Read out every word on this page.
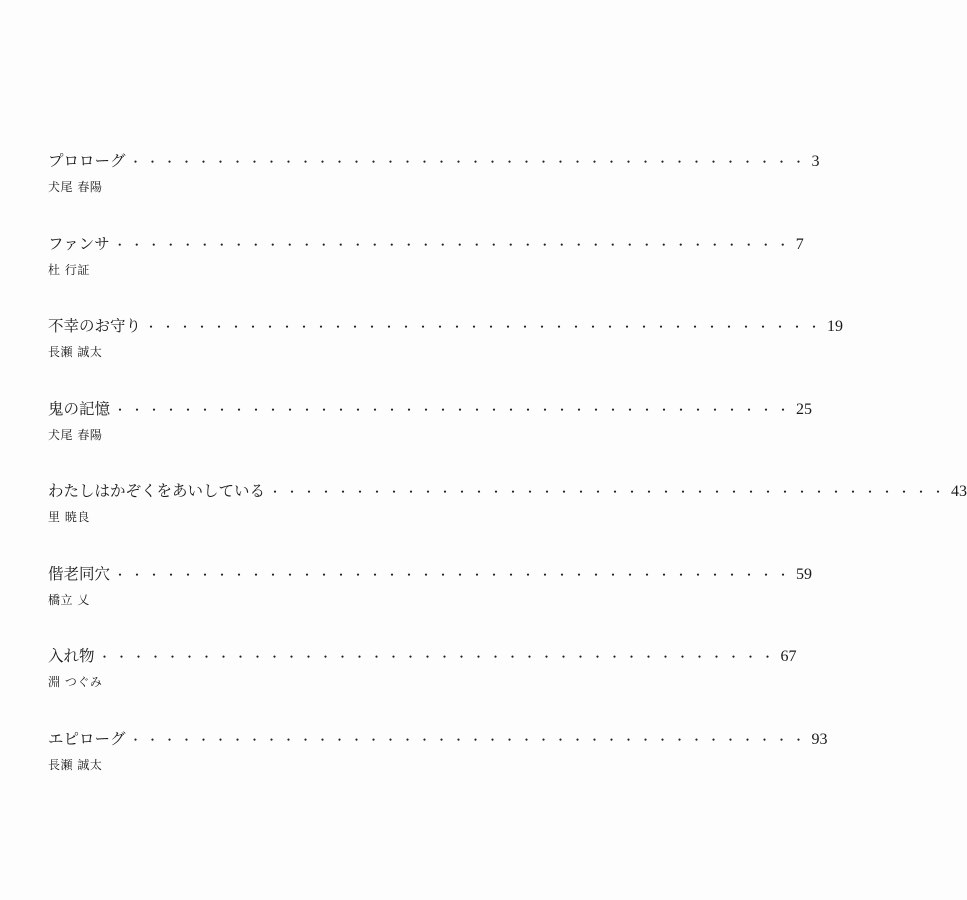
プロローグ ・・・・・・・・・・・・・・・・・・・・・・・・・・・・・・・・・・・・・・・・ 3
犬尾 春陽
ファンサ ・・・・・・・・・・・・・・・・・・・・・・・・・・・・・・・・・・・・・・・・ 7
杜 行証
不幸のお守り ・・・・・・・・・・・・・・・・・・・・・・・・・・・・・・・・・・・・・・・・ 19
長瀬 誠太
鬼の記憶 ・・・・・・・・・・・・・・・・・・・・・・・・・・・・・・・・・・・・・・・・ 25
犬尾 春陽
わたしはかぞくをあいしている ・・・・・・・・・・・・・・・・・・・・・・・・・・・・・・・・・・・・・・・・ 43
里 暁良
偕老同穴 ・・・・・・・・・・・・・・・・・・・・・・・・・・・・・・・・・・・・・・・・ 59
橋立 乂
入れ物 ・・・・・・・・・・・・・・・・・・・・・・・・・・・・・・・・・・・・・・・・ 67
淵 つぐみ
エピローグ ・・・・・・・・・・・・・・・・・・・・・・・・・・・・・・・・・・・・・・・・ 93
長瀬 誠太
